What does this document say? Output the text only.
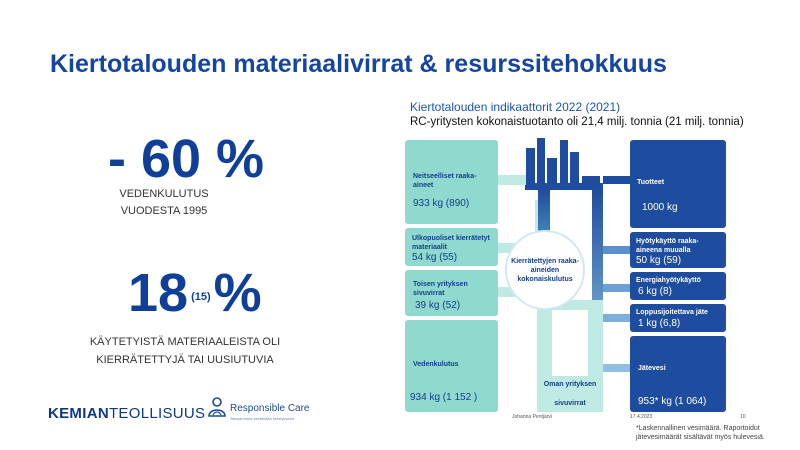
Kiertotalouden materiaalivirrat & resurssitehokkuus
- 60 %
VEDENKULUTUS
VUODESTA 1995
18 (15)%
KÄYTETYISTÄ MATERIAALEISTA OLI
KIERRÄTETTYJÄ TAI UUSIUTUVIA
KEMIANTEOLLISUUS Responsible Care
Sitoudumme kestävään kehitykseen
Kiertotalouden indikaattorit 2022 (2021)
RC-yritysten kokonaistuotanto oli 21,4 milj. tonnia (21 milj. tonnia)
Neitseelliset raaka-aineet
933 kg (890)
Ulkopuoliset kierrätetyt materiaalit
54 kg (55)
Toisen yrityksen sivuvirrat
39 kg (52)
Vedenkulutus
934 kg (1 152 )
Kierrätettyjen raaka-aineiden kokonaiskulutus
Oman yrityksen
sivuvirrat
Tuotteet
1000 kg
Hyötykäyttö raaka-aineena muualla
50 kg (59)
Energiahyötykäyttö
6 kg (8)
Loppusijoitettava jäte
1 kg (6,8)
Jätevesi
953* kg (1 064)
Johanna Pentjärvi	17.4.2023	10
*Laskennallinen vesimäärä. Raportoidut
jätevesimäärät sisältävät myös hulevesiä.
